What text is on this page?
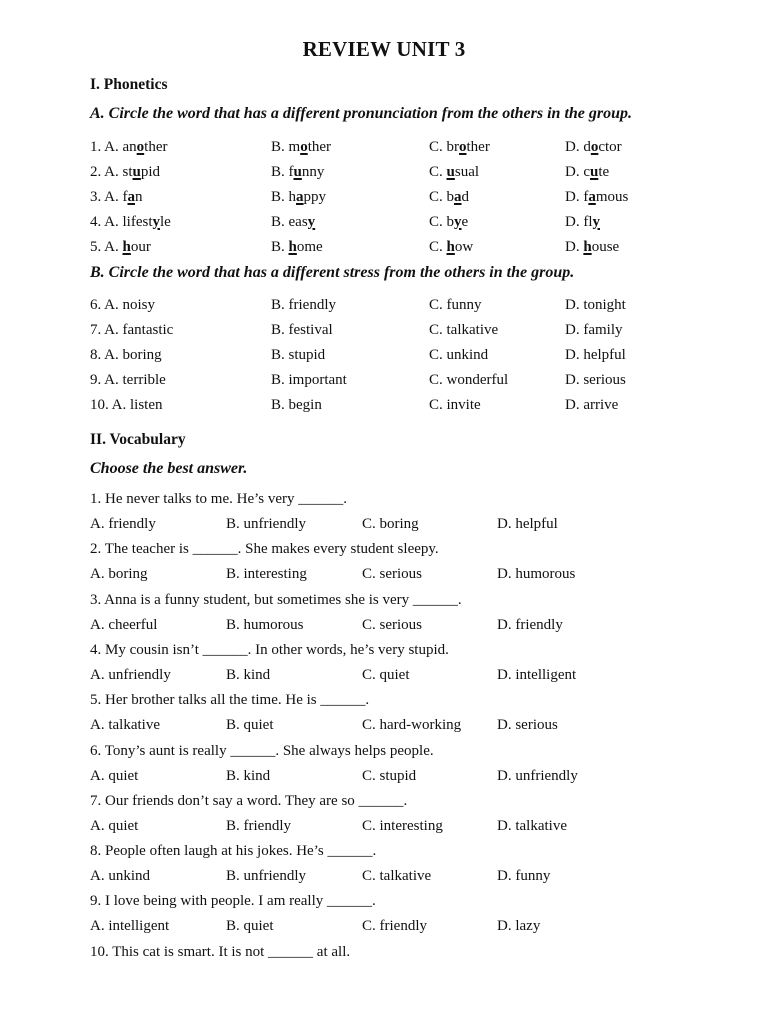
REVIEW UNIT 3
I. Phonetics
A. Circle the word that has a different pronunciation from the others in the group.
1. A. another	B. mother	C. brother	D. doctor
2. A. stupid	B. funny	C. usual	D. cute
3. A. fan	B. happy	C. bad	D. famous
4. A. lifestyle	B. easy	C. bye	D. fly
5. A. hour	B. home	C. how	D. house
B. Circle the word that has a different stress from the others in the group.
6. A. noisy	B. friendly	C. funny	D. tonight
7. A. fantastic	B. festival	C. talkative	D. family
8. A. boring	B. stupid	C. unkind	D. helpful
9. A. terrible	B. important	C. wonderful	D. serious
10. A. listen	B. begin	C. invite	D. arrive
II. Vocabulary
Choose the best answer.
1. He never talks to me. He’s very ______.
A. friendly	B. unfriendly	C. boring	D. helpful
2. The teacher is ______. She makes every student sleepy.
A. boring	B. interesting	C. serious	D. humorous
3. Anna is a funny student, but sometimes she is very ______.
A. cheerful	B. humorous	C. serious	D. friendly
4. My cousin isn’t ______. In other words, he’s very stupid.
A. unfriendly	B. kind	C. quiet	D. intelligent
5. Her brother talks all the time. He is ______.
A. talkative	B. quiet	C. hard-working D. serious
6. Tony’s aunt is really ______. She always helps people.
A. quiet	B. kind	C. stupid	D. unfriendly
7. Our friends don’t say a word. They are so ______.
A. quiet	B. friendly	C. interesting	D. talkative
8. People often laugh at his jokes. He’s ______.
A. unkind	B. unfriendly	C. talkative	D. funny
9. I love being with people. I am really ______.
A. intelligent	B. quiet	C. friendly	D. lazy
10. This cat is smart. It is not ______ at all.
